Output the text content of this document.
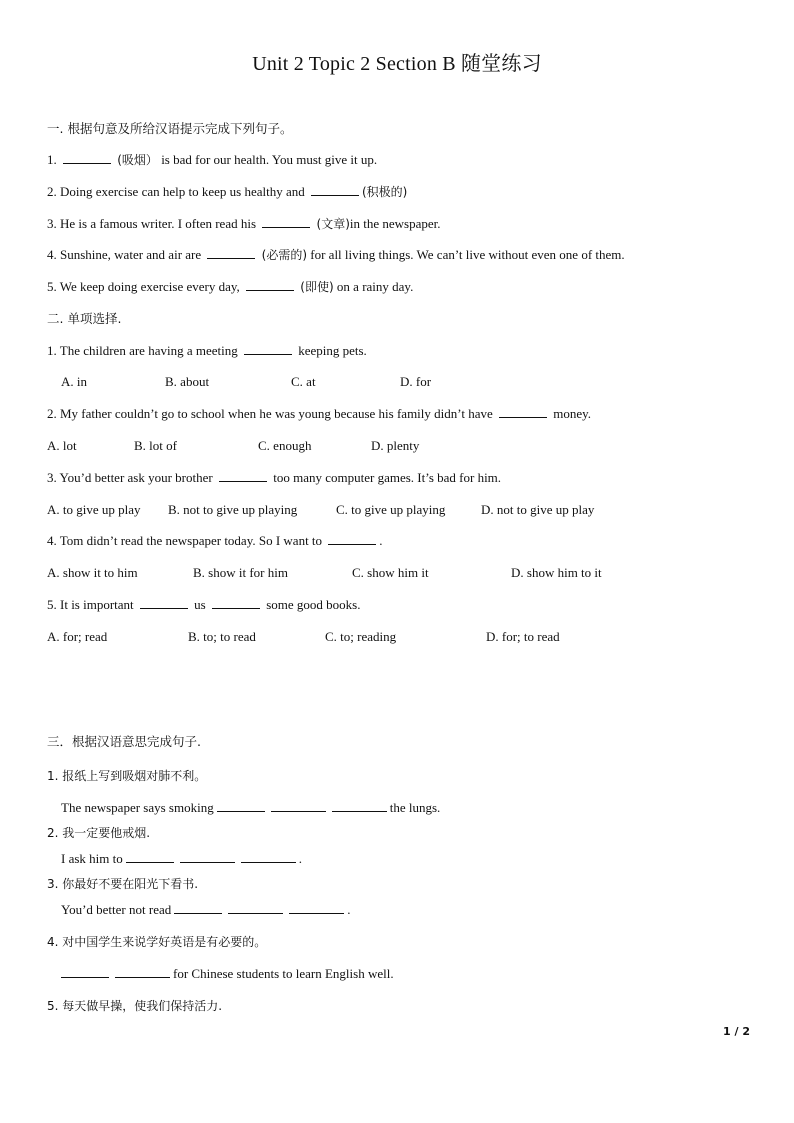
Unit 2 Topic 2 Section B 随堂练习
一. 根据句意及所给汉语提示完成下列句子。
1.	(吸烟） is bad for our health. You must give it up.
2. Doing exercise can help to keep us healthy and	(积极的)
3. He is a famous writer. I often read his	(文章)in the newspaper.
4. Sunshine, water and air are	(必需的) for all living things. We can’t live without even one of them.
5. We keep doing exercise every day,	(即使) on a rainy day.
二. 单项选择.
1. The children are having a meeting	keeping pets.
A. in	B. about	C. at	D. for
2. My father couldn’t go to school when he was young because his family didn’t have	money.
A. lot	B. lot of	C. enough	D. plenty
3. You’d better ask your brother	too many computer games. It’s bad for him.
A. to give up play B. not to give up playing	C. to give up playing	D. not to give up play
4. Tom didn’t read the newspaper today. So I want to	.
A. show it to him	B. show it for him	C. show him it	D. show him to it
5. It is important	us	some good books.
A. for; read	B. to; to read	C. to; reading	D. for; to read
三．根据汉语意思完成句子.
1. 报纸上写到吸烟对肺不利。
The newspaper says smoking	the lungs.
2. 我一定要他戒烟.
I ask him to	.
3. 你最好不要在阳光下看书.
You’d better not read	.
4. 对中国学生来说学好英语是有必要的。
for Chinese students to learn English well.
5. 每天做早操，使我们保持活力.
1 / 2
